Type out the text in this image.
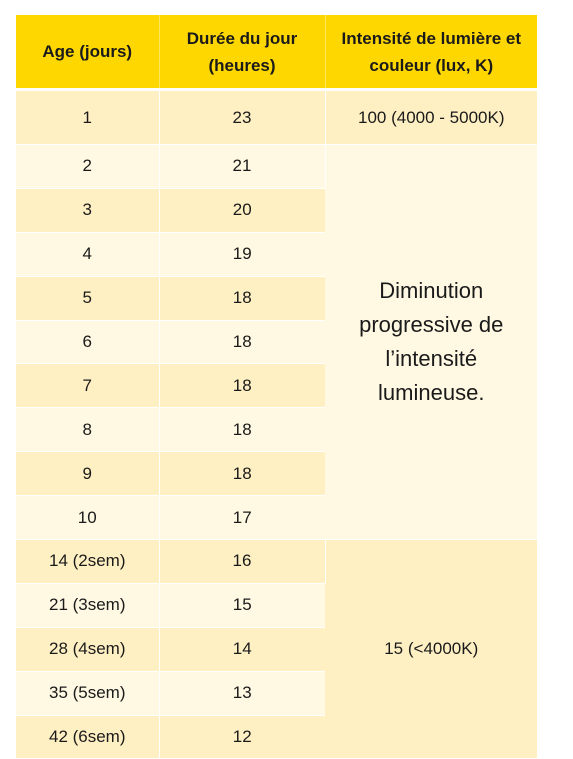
Age (jours)	Durée du jour (heures)	Intensité de lumière et couleur (lux, K)
1	23	100 (4000 - 5000K)
2	21	Diminution progressive de l’intensité lumineuse.
3	20	
4	19	
5	18	
6	18	
7	18	
8	18	
9	18	
10	17	
14 (2sem)	16	15 (<4000K)
21 (3sem)	15	
28 (4sem)	14	
35 (5sem)	13	
42 (6sem)	12	
